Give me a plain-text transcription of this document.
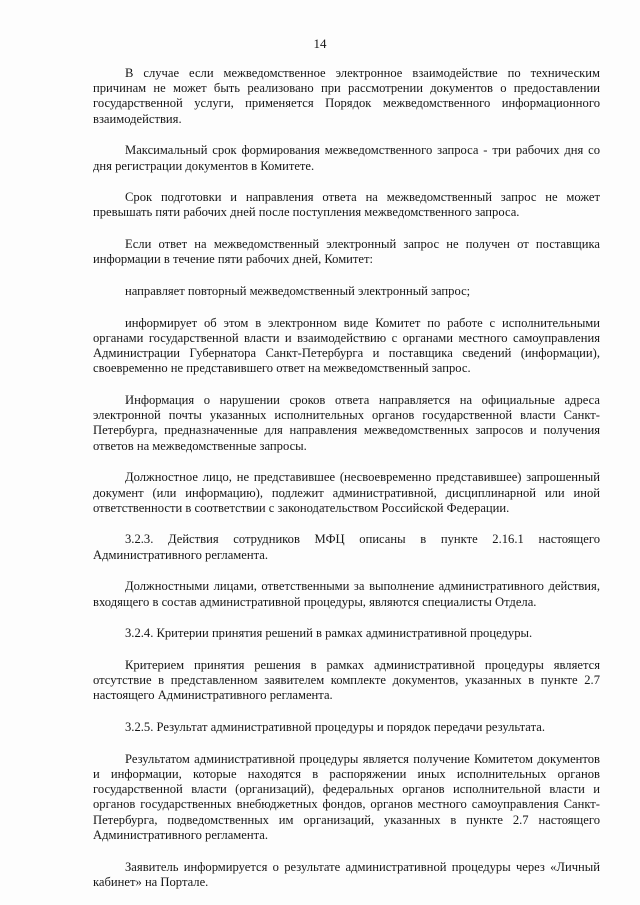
14

В случае если межведомственное электронное взаимодействие по техническим причинам не может быть реализовано при рассмотрении документов о предоставлении государственной услуги, применяется Порядок межведомственного информационного взаимодействия.

Максимальный срок формирования межведомственного запроса - три рабочих дня со дня регистрации документов в Комитете.

Срок подготовки и направления ответа на межведомственный запрос не может превышать пяти рабочих дней после поступления межведомственного запроса.

Если ответ на межведомственный электронный запрос не получен от поставщика информации в течение пяти рабочих дней, Комитет:

направляет повторный межведомственный электронный запрос;

информирует об этом в электронном виде Комитет по работе с исполнительными органами государственной власти и взаимодействию с органами местного самоуправления Администрации Губернатора Санкт-Петербурга и поставщика сведений (информации), своевременно не представившего ответ на межведомственный запрос.

Информация о нарушении сроков ответа направляется на официальные адреса электронной почты указанных исполнительных органов государственной власти Санкт-Петербурга, предназначенные для направления межведомственных запросов и получения ответов на межведомственные запросы.

Должностное лицо, не представившее (несвоевременно представившее) запрошенный документ (или информацию), подлежит административной, дисциплинарной или иной ответственности в соответствии с законодательством Российской Федерации.

3.2.3. Действия сотрудников МФЦ описаны в пункте 2.16.1 настоящего Административного регламента.

Должностными лицами, ответственными за выполнение административного действия, входящего в состав административной процедуры, являются специалисты Отдела.

3.2.4. Критерии принятия решений в рамках административной процедуры.

Критерием принятия решения в рамках административной процедуры является отсутствие в представленном заявителем комплекте документов, указанных в пункте 2.7 настоящего Административного регламента.

3.2.5. Результат административной процедуры и порядок передачи результата.

Результатом административной процедуры является получение Комитетом документов и информации, которые находятся в распоряжении иных исполнительных органов государственной власти (организаций), федеральных органов исполнительной власти и органов государственных внебюджетных фондов, органов местного самоуправления Санкт-Петербурга, подведомственных им организаций, указанных в пункте 2.7 настоящего Административного регламента.

Заявитель информируется о результате административной процедуры через «Личный кабинет» на Портале.
